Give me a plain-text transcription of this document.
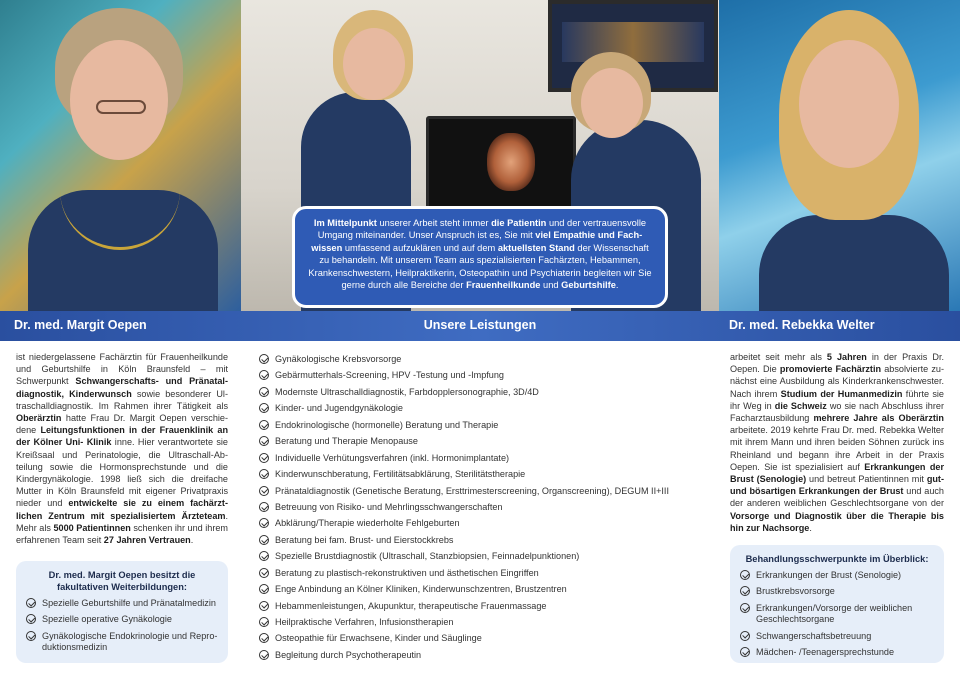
Im Mittelpunkt unserer Arbeit steht immer die Patientin und der vertrauensvolle Umgang miteinander. Unser Anspruch ist es, Sie mit viel Empathie und Fachwissen umfassend aufzuklären und auf dem aktuellsten Stand der Wissenschaft zu behandeln. Mit unserem Team aus spezialisierten Fachärzten, Hebammen, Krankenschwestern, Heilpraktikerin, Osteopathin und Psychiaterin begleiten wir Sie gerne durch alle Bereiche der Frauenheilkunde und Geburtshilfe.

Dr. med. Margit Oepen	Unsere Leistungen	Dr. med. Rebekka Welter

ist niedergelassene Fachärztin für Frauenheilkunde und Geburtshilfe in Köln Braunsfeld – mit Schwerpunkt Schwangerschafts- und Pränataldiagnostik, Kinderwunsch sowie besonderer Ultraschalldiagnostik. Im Rahmen ihrer Tätigkeit als Oberärztin hatte Frau Dr. Margit Oepen verschiedene Leitungsfunktionen in der Frauenklinik an der Kölner Uni- Klinik inne. Hier verantwortete sie Kreißsaal und Perinatologie, die Ultraschall-Abteilung sowie die Hormonsprechstunde und die Kindergynäkologie. 1998 ließ sich die dreifache Mutter in Köln Braunsfeld mit eigener Privatpraxis nieder und entwickelte sie zu einem fachärztlichen Zentrum mit spezialisiertem Ärzteteam. Mehr als 5000 Patientinnen schenken ihr und ihrem erfahrenen Team seit 27 Jahren Vertrauen.

Dr. med. Margit Oepen besitzt die fakultativen Weiterbildungen:
Spezielle Geburtshilfe und Pränatalmedizin
Spezielle operative Gynäkologie
Gynäkologische Endokrinologie und Reproduktionsmedizin
Gynäkologische Krebsvorsorge
Gebärmutterhals-Screening, HPV -Testung und -Impfung
Modernste Ultraschalldiagnostik, Farbdopplersonographie, 3D/4D
Kinder- und Jugendgynäkologie
Endokrinologische (hormonelle) Beratung und Therapie
Beratung und Therapie Menopause
Individuelle Verhütungsverfahren (inkl. Hormonimplantate)
Kinderwunschberatung, Fertilitätsabklärung, Sterilitätstherapie
Pränataldiagnostik (Genetische Beratung, Ersttrimesterscreening, Organscreening), DEGUM II+III
Betreuung von Risiko- und Mehrlingsschwangerschaften
Abklärung/Therapie wiederholte Fehlgeburten
Beratung bei fam. Brust- und Eierstockkrebs
Spezielle Brustdiagnostik (Ultraschall, Stanzbiopsien, Feinnadelpunktionen)
Beratung zu plastisch-rekonstruktiven und ästhetischen Eingriffen
Enge Anbindung an Kölner Kliniken, Kinderwunschzentren, Brustzentren
Hebammenleistungen, Akupunktur, therapeutische Frauenmassage
Heilpraktische Verfahren, Infusionstherapien
Osteopathie für Erwachsene, Kinder und Säuglinge
Begleitung durch Psychotherapeutin

arbeitet seit mehr als 5 Jahren in der Praxis Dr. Oepen. Die promovierte Fachärztin absolvierte zunächst eine Ausbildung als Kinderkrankenschwester. Nach ihrem Studium der Humanmedizin führte sie ihr Weg in die Schweiz wo sie nach Abschluss ihrer Facharztausbildung mehrere Jahre als Oberärztin arbeitete. 2019 kehrte Frau Dr. med. Rebekka Welter mit ihrem Mann und ihren beiden Söhnen zurück ins Rheinland und begann ihre Arbeit in der Praxis Oepen. Sie ist spezialisiert auf Erkrankungen der Brust (Senologie) und betreut Patientinnen mit gut- und bösartigen Erkrankungen der Brust und auch der anderen weiblichen Geschlechtsorgane von der Vorsorge und Diagnostik über die Therapie bis hin zur Nachsorge.

Behandlungsschwerpunkte im Überblick:
Erkrankungen der Brust (Senologie)
Brustkrebsvorsorge
Erkrankungen/Vorsorge der weiblichen Geschlechtsorgane
Schwangerschaftsbetreuung
Mädchen- /Teenagersprechstunde
